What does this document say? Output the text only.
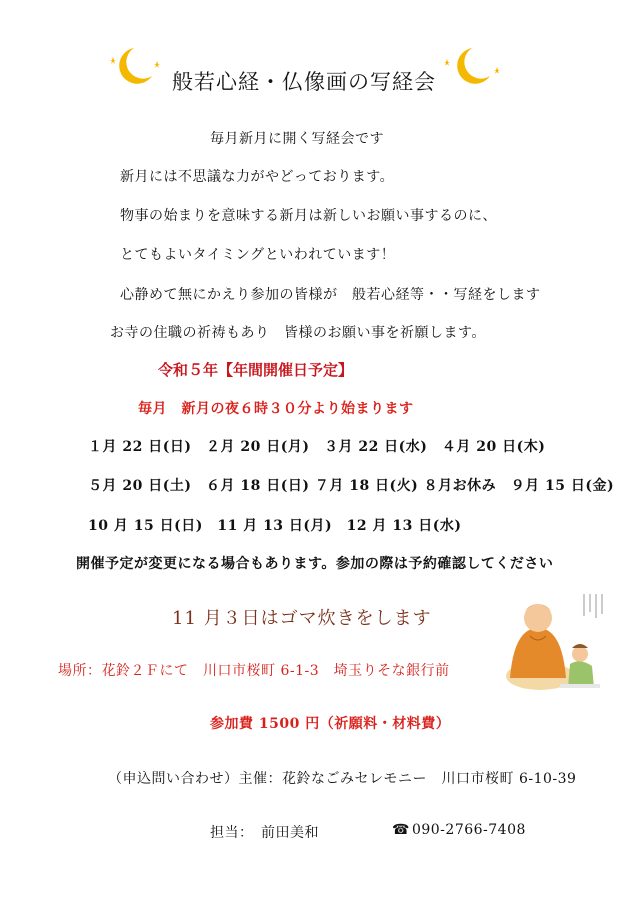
般若心経・仏像画の写経会
毎月新月に開く写経会です
新月には不思議な力がやどっております。
物事の始まりを意味する新月は新しいお願い事するのに、
とてもよいタイミングといわれています！
心静めて無にかえり参加の皆様が　般若心経等・・写経をします
お寺の住職の祈祷もあり　皆様のお願い事を祈願します。
令和５年【年間開催日予定】
毎月　新月の夜６時３０分より始まります
１月 22 日(日)　２月 20 日(月)　３月 22 日(水)　４月 20 日(木)
５月 20 日(土)　６月 18 日(日) ７月 18 日(火) ８月お休み　９月 15 日(金)
10 月 15 日(日)　11 月 13 日(月)　12 月 13 日(水)
開催予定が変更になる場合もあります。参加の際は予約確認してください
11 月３日はゴマ炊きをします
場所：花鈴２Ｆにて　川口市桜町 6-1-3　埼玉りそな銀行前
参加費 1500 円（祈願料・材料費）
（申込問い合わせ）主催：花鈴なごみセレモニー　川口市桜町 6-10-39
担当：　前田美和	☎ 090-2766-7408
